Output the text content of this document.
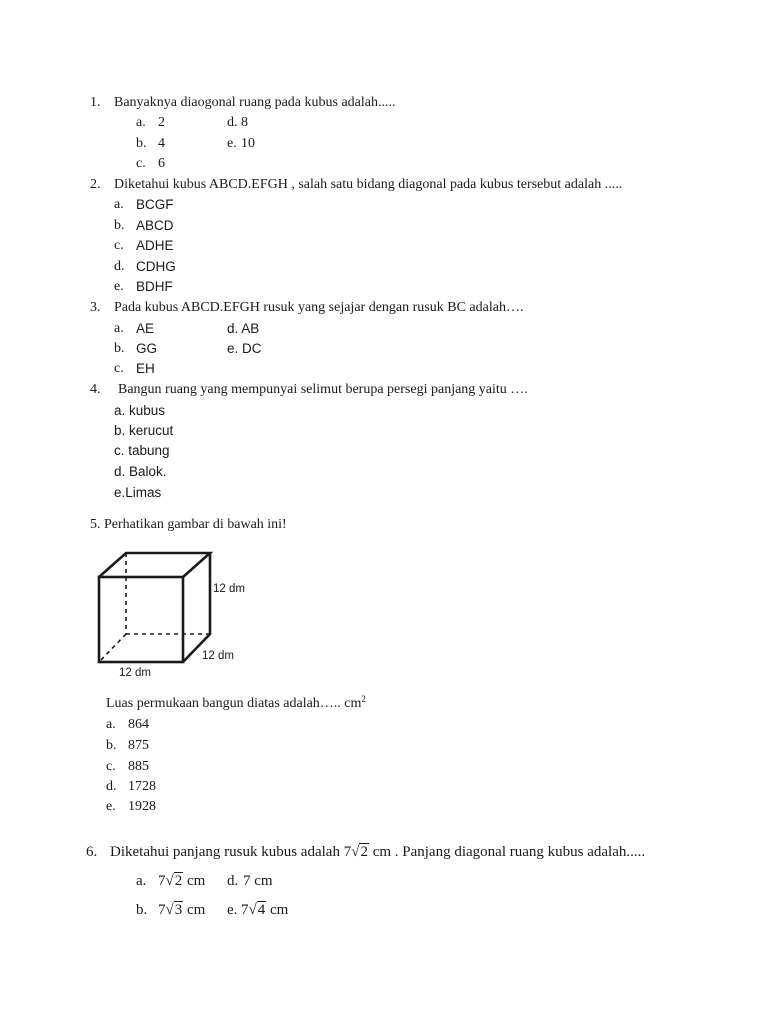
1. Banyaknya diaogonal ruang pada kubus adalah.....
a. 2	d. 8
b. 4	e. 10
c. 6
2. Diketahui kubus ABCD.EFGH , salah satu bidang diagonal pada kubus tersebut adalah .....
a. BCGF
b. ABCD
c. ADHE
d. CDHG
e. BDHF
3. Pada kubus ABCD.EFGH rusuk yang sejajar dengan rusuk BC adalah….
a. AE	d. AB
b. GG	e. DC
c. EH
4. Bangun ruang yang mempunyai selimut berupa persegi panjang yaitu ….
a. kubus
b. kerucut
c. tabung
d. Balok.
e.Limas
5. Perhatikan gambar di bawah ini!
12 dm
12 dm
12 dm
Luas permukaan bangun diatas adalah….. $cm^2$
a. 864
b. 875
c. 885
d. 1728
e. 1928
6. Diketahui panjang rusuk kubus adalah 7√2 cm . Panjang diagonal ruang kubus adalah.....
a. 7√2 cm d. 7 cm
b. 7√3 cm e. 7√4 cm
